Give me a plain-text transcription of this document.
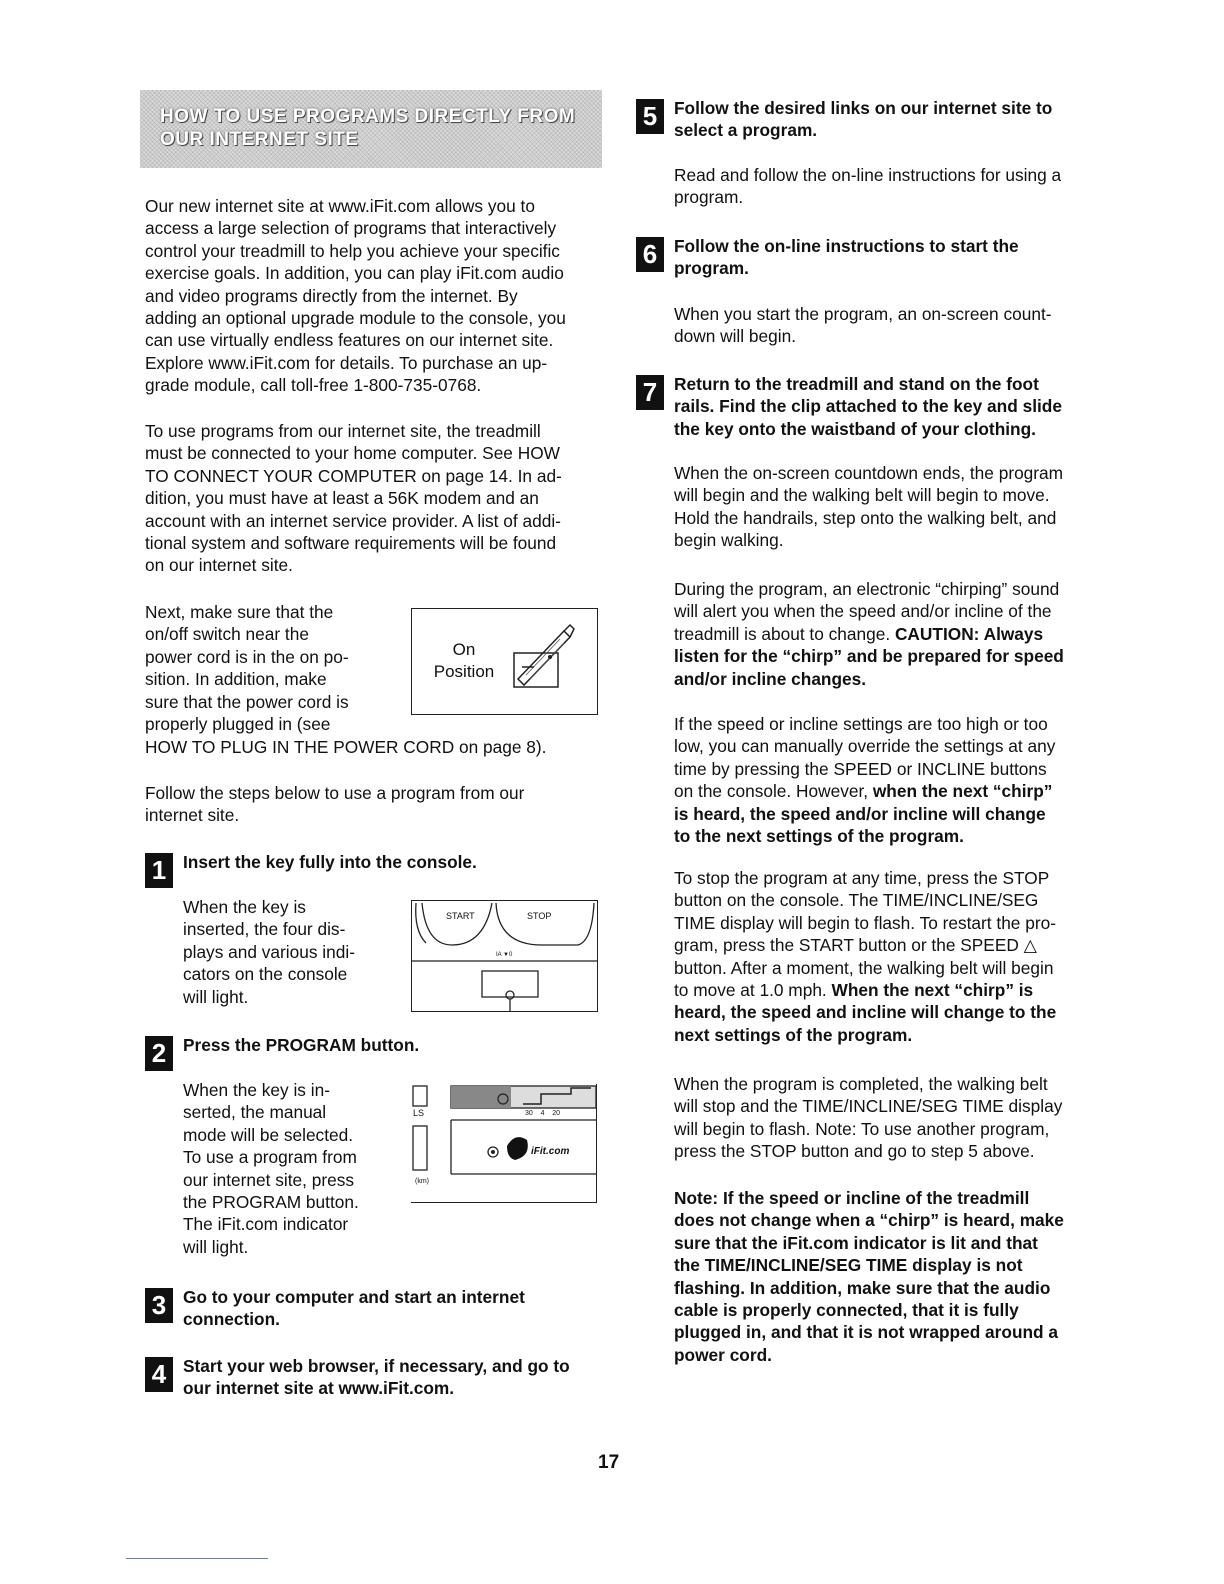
HOW TO USE PROGRAMS DIRECTLY FROM
OUR INTERNET SITE
Our new internet site at www.iFit.com allows you to
access a large selection of programs that interactively
control your treadmill to help you achieve your specific
exercise goals. In addition, you can play iFit.com audio
and video programs directly from the internet. By
adding an optional upgrade module to the console, you
can use virtually endless features on our internet site.
Explore www.iFit.com for details. To purchase an up-
grade module, call toll-free 1-800-735-0768.
To use programs from our internet site, the treadmill
must be connected to your home computer. See HOW
TO CONNECT YOUR COMPUTER on page 14. In ad-
dition, you must have at least a 56K modem and an
account with an internet service provider. A list of addi-
tional system and software requirements will be found
on our internet site.
Next, make sure that the
on/off switch near the
power cord is in the on po-
sition. In addition, make
sure that the power cord is
properly plugged in (see
HOW TO PLUG IN THE POWER CORD on page 8).
On
Position
Follow the steps below to use a program from our
internet site.
1 Insert the key fully into the console.
When the key is
inserted, the four dis-
plays and various indi-
cators on the console
will light.
START	STOP
IA ▼0
2 Press the PROGRAM button.
When the key is in-
serted, the manual
mode will be selected.
To use a program from
our internet site, press
the PROGRAM button.
The iFit.com indicator
will light.
LS
(km)
30    4    20
iFit.com
3 Go to your computer and start an internet
connection.
4 Start your web browser, if necessary, and go to
our internet site at www.iFit.com.
5 Follow the desired links on our internet site to
select a program.
Read and follow the on-line instructions for using a
program.
6 Follow the on-line instructions to start the
program.
When you start the program, an on-screen count-
down will begin.
7 Return to the treadmill and stand on the foot
rails. Find the clip attached to the key and slide
the key onto the waistband of your clothing.
When the on-screen countdown ends, the program
will begin and the walking belt will begin to move.
Hold the handrails, step onto the walking belt, and
begin walking.
During the program, an electronic “chirping” sound
will alert you when the speed and/or incline of the
treadmill is about to change. CAUTION: Always
listen for the “chirp” and be prepared for speed
and/or incline changes.
If the speed or incline settings are too high or too
low, you can manually override the settings at any
time by pressing the SPEED or INCLINE buttons
on the console. However, when the next “chirp”
is heard, the speed and/or incline will change
to the next settings of the program.
To stop the program at any time, press the STOP
button on the console. The TIME/INCLINE/SEG
TIME display will begin to flash. To restart the pro-
gram, press the START button or the SPEED △
button. After a moment, the walking belt will begin
to move at 1.0 mph. When the next “chirp” is
heard, the speed and incline will change to the
next settings of the program.
When the program is completed, the walking belt
will stop and the TIME/INCLINE/SEG TIME display
will begin to flash. Note: To use another program,
press the STOP button and go to step 5 above.
Note: If the speed or incline of the treadmill
does not change when a “chirp” is heard, make
sure that the iFit.com indicator is lit and that
the TIME/INCLINE/SEG TIME display is not
flashing. In addition, make sure that the audio
cable is properly connected, that it is fully
plugged in, and that it is not wrapped around a
power cord.
17
